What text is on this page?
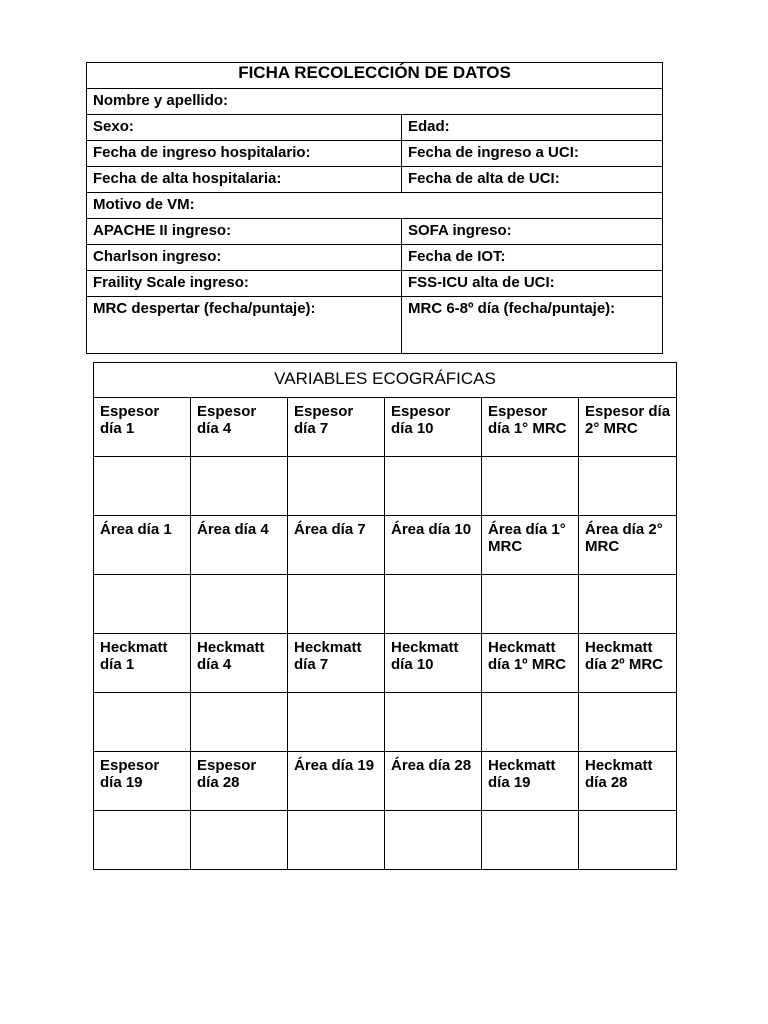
FICHA RECOLECCIÓN DE DATOS	
Nombre y apellido:	
Sexo:	Edad:
Fecha de ingreso hospitalario:	Fecha de ingreso a UCI:
Fecha de alta hospitalaria:	Fecha de alta de UCI:
Motivo de VM:	
APACHE II ingreso:	SOFA ingreso:
Charlson ingreso:	Fecha de IOT:
Fraility Scale ingreso:	FSS-ICU alta de UCI:
MRC despertar (fecha/puntaje):	MRC 6-8º día (fecha/puntaje):
VARIABLES ECOGRÁFICAS					
Espesor día 1	Espesor día 4	Espesor día 7	Espesor día 10	Espesor día 1° MRC	Espesor día 2° MRC

Área día 1	Área día 4	Área día 7	Área día 10	Área día 1° MRC	Área día 2° MRC

Heckmatt día 1	Heckmatt día 4	Heckmatt día 7	Heckmatt día 10	Heckmatt día 1º MRC	Heckmatt día 2º MRC

Espesor día 19	Espesor día 28	Área día 19	Área día 28	Heckmatt día 19	Heckmatt día 28
